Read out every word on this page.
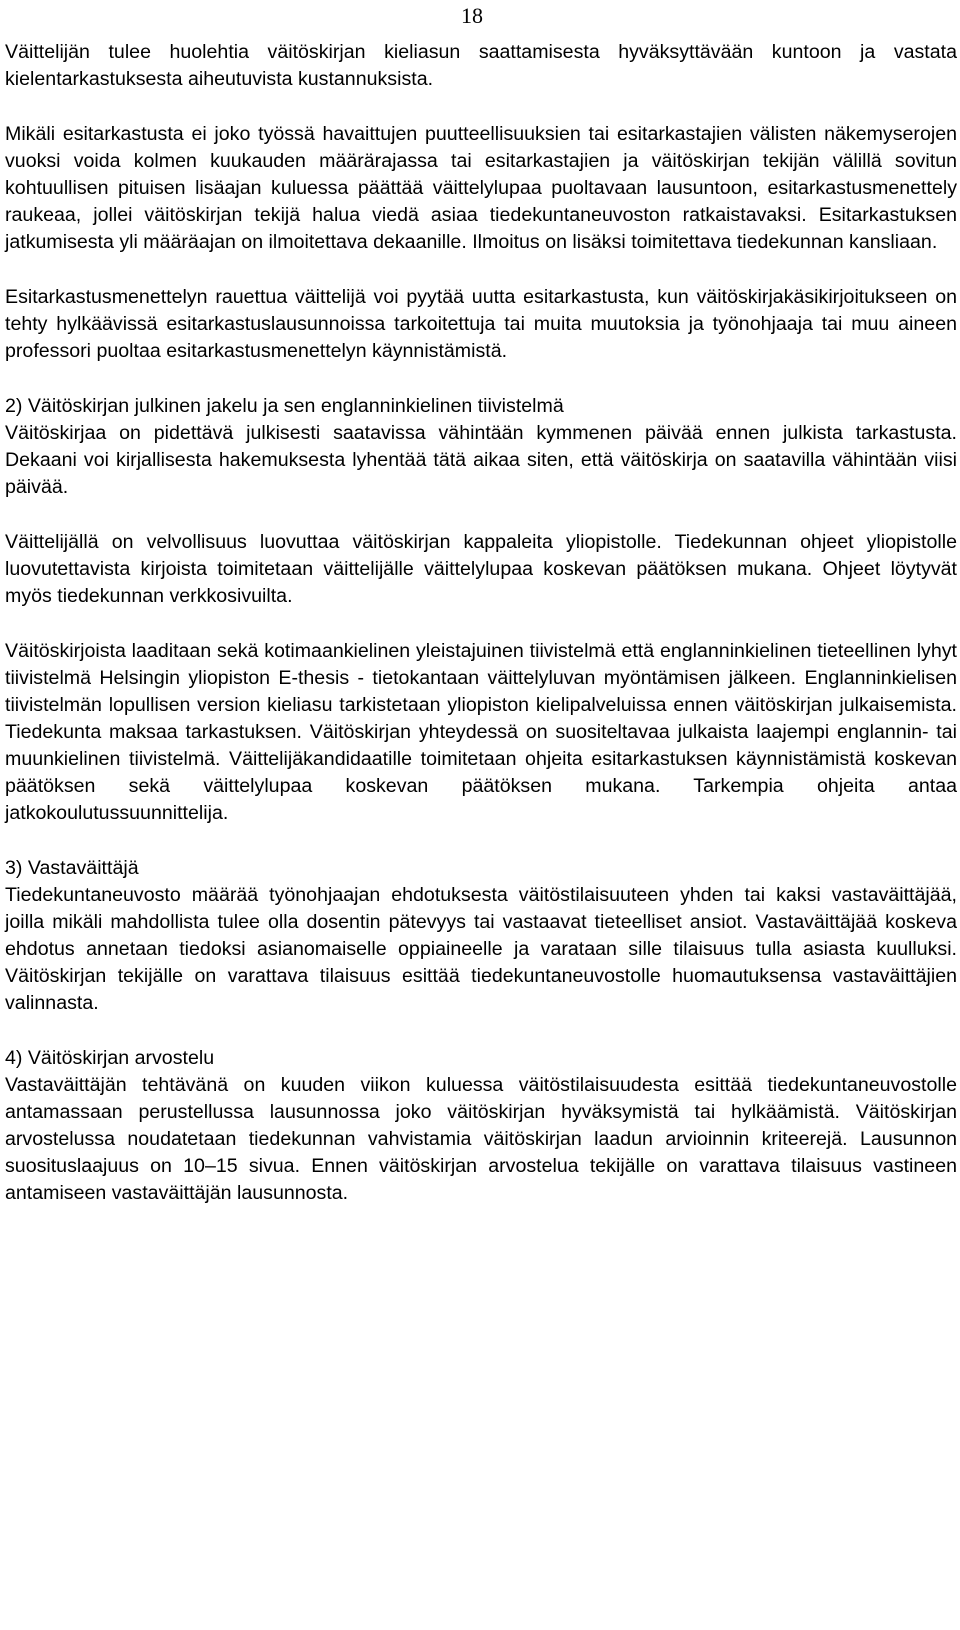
18

Väittelijän tulee huolehtia väitöskirjan kieliasun saattamisesta hyväksyttävään kuntoon ja vastata kielentarkastuksesta aiheutuvista kustannuksista.

Mikäli esitarkastusta ei joko työssä havaittujen puutteellisuuksien tai esitarkastajien välisten näkemyserojen vuoksi voida kolmen kuukauden määrärajassa tai esitarkastajien ja väitöskirjan tekijän välillä sovitun kohtuullisen pituisen lisäajan kuluessa päättää väittelylupaa puoltavaan lausuntoon, esitarkastusmenettely raukeaa, jollei väitöskirjan tekijä halua viedä asiaa tiedekuntaneuvoston ratkaistavaksi. Esitarkastuksen jatkumisesta yli määräajan on ilmoitettava dekaanille. Ilmoitus on lisäksi toimitettava tiedekunnan kansliaan.

Esitarkastusmenettelyn rauettua väittelijä voi pyytää uutta esitarkastusta, kun väitöskirjakäsikirjoitukseen on tehty hylkäävissä esitarkastuslausunnoissa tarkoitettuja tai muita muutoksia ja työnohjaaja tai muu aineen professori puoltaa esitarkastusmenettelyn käynnistämistä.

2) Väitöskirjan julkinen jakelu ja sen englanninkielinen tiivistelmä

Väitöskirjaa on pidettävä julkisesti saatavissa vähintään kymmenen päivää ennen julkista tarkastusta. Dekaani voi kirjallisesta hakemuksesta lyhentää tätä aikaa siten, että väitöskirja on saatavilla vähintään viisi päivää.

Väittelijällä on velvollisuus luovuttaa väitöskirjan kappaleita yliopistolle. Tiedekunnan ohjeet yliopistolle luovutettavista kirjoista toimitetaan väittelijälle väittelylupaa koskevan päätöksen mukana. Ohjeet löytyvät myös tiedekunnan verkkosivuilta.

Väitöskirjoista laaditaan sekä kotimaankielinen yleistajuinen tiivistelmä että englanninkielinen tieteellinen lyhyt tiivistelmä Helsingin yliopiston E-thesis - tietokantaan väittelyluvan myöntämisen jälkeen. Englanninkielisen tiivistelmän lopullisen version kieliasu tarkistetaan yliopiston kielipalveluissa ennen väitöskirjan julkaisemista. Tiedekunta maksaa tarkastuksen. Väitöskirjan yhteydessä on suositeltavaa julkaista laajempi englannin- tai muunkielinen tiivistelmä. Väittelijäkandidaatille toimitetaan ohjeita esitarkastuksen käynnistämistä koskevan päätöksen sekä väittelylupaa koskevan päätöksen mukana. Tarkempia ohjeita antaa jatkokoulutussuunnittelija.

3) Vastaväittäjä

Tiedekuntaneuvosto määrää työnohjaajan ehdotuksesta väitöstilaisuuteen yhden tai kaksi vastaväittäjää, joilla mikäli mahdollista tulee olla dosentin pätevyys tai vastaavat tieteelliset ansiot. Vastaväittäjää koskeva ehdotus annetaan tiedoksi asianomaiselle oppiaineelle ja varataan sille tilaisuus tulla asiasta kuulluksi. Väitöskirjan tekijälle on varattava tilaisuus esittää tiedekuntaneuvostolle huomautuksensa vastaväittäjien valinnasta.

4) Väitöskirjan arvostelu

Vastaväittäjän tehtävänä on kuuden viikon kuluessa väitöstilaisuudesta esittää tiedekuntaneuvostolle antamassaan perustellussa lausunnossa joko väitöskirjan hyväksymistä tai hylkäämistä. Väitöskirjan arvostelussa noudatetaan tiedekunnan vahvistamia väitöskirjan laadun arvioinnin kriteerejä. Lausunnon suosituslaajuus on 10–15 sivua. Ennen väitöskirjan arvostelua tekijälle on varattava tilaisuus vastineen antamiseen vastaväittäjän lausunnosta.
